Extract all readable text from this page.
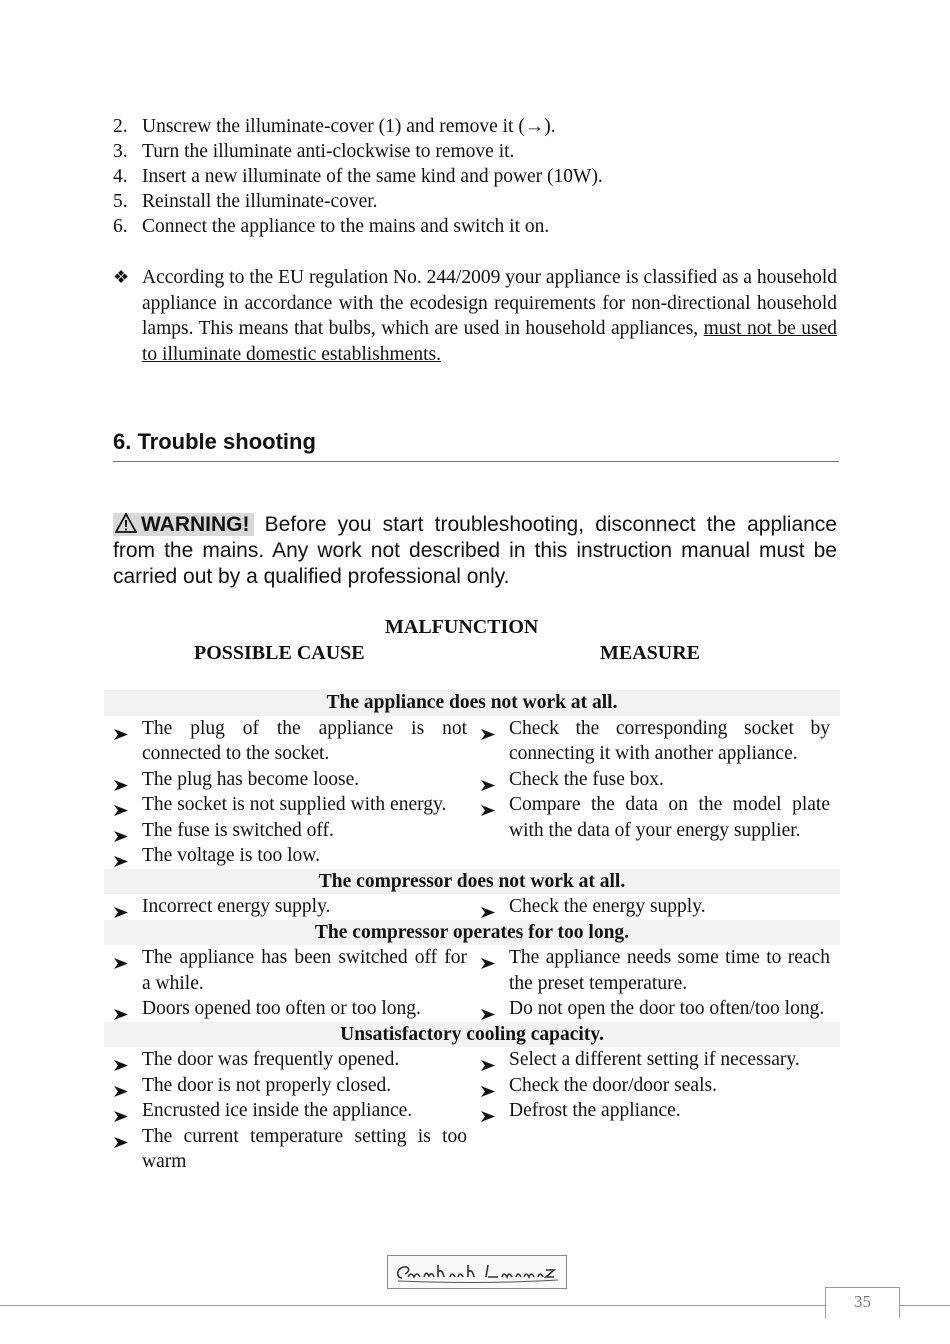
2. Unscrew the illuminate-cover (1) and remove it (→).
3. Turn the illuminate anti-clockwise to remove it.
4. Insert a new illuminate of the same kind and power (10W).
5. Reinstall the illuminate-cover.
6. Connect the appliance to the mains and switch it on.
❖ According to the EU regulation No. 244/2009 your appliance is classified as a household appliance in accordance with the ecodesign requirements for non-directional household lamps. This means that bulbs, which are used in household appliances, must not be used to illuminate domestic establishments.
6. Trouble shooting
WARNING! Before you start troubleshooting, disconnect the appliance from the mains. Any work not described in this instruction manual must be carried out by a qualified professional only.
MALFUNCTION
POSSIBLE CAUSE	MEASURE
The appliance does not work at all.
The plug of the appliance is not connected to the socket.
The plug has become loose.
The socket is not supplied with energy.
The fuse is switched off.
The voltage is too low.
Check the corresponding socket by connecting it with another appliance.
Check the fuse box.
Compare the data on the model plate with the data of your energy supplier.
The compressor does not work at all.
Incorrect energy supply.	Check the energy supply.
The compressor operates for too long.
The appliance has been switched off for a while.
Doors opened too often or too long.
The appliance needs some time to reach the preset temperature.
Do not open the door too often/too long.
Unsatisfactory cooling capacity.
The door was frequently opened.
The door is not properly closed.
Encrusted ice inside the appliance.
The current temperature setting is too warm
Select a different setting if necessary.
Check the door/door seals.
Defrost the appliance.
35
